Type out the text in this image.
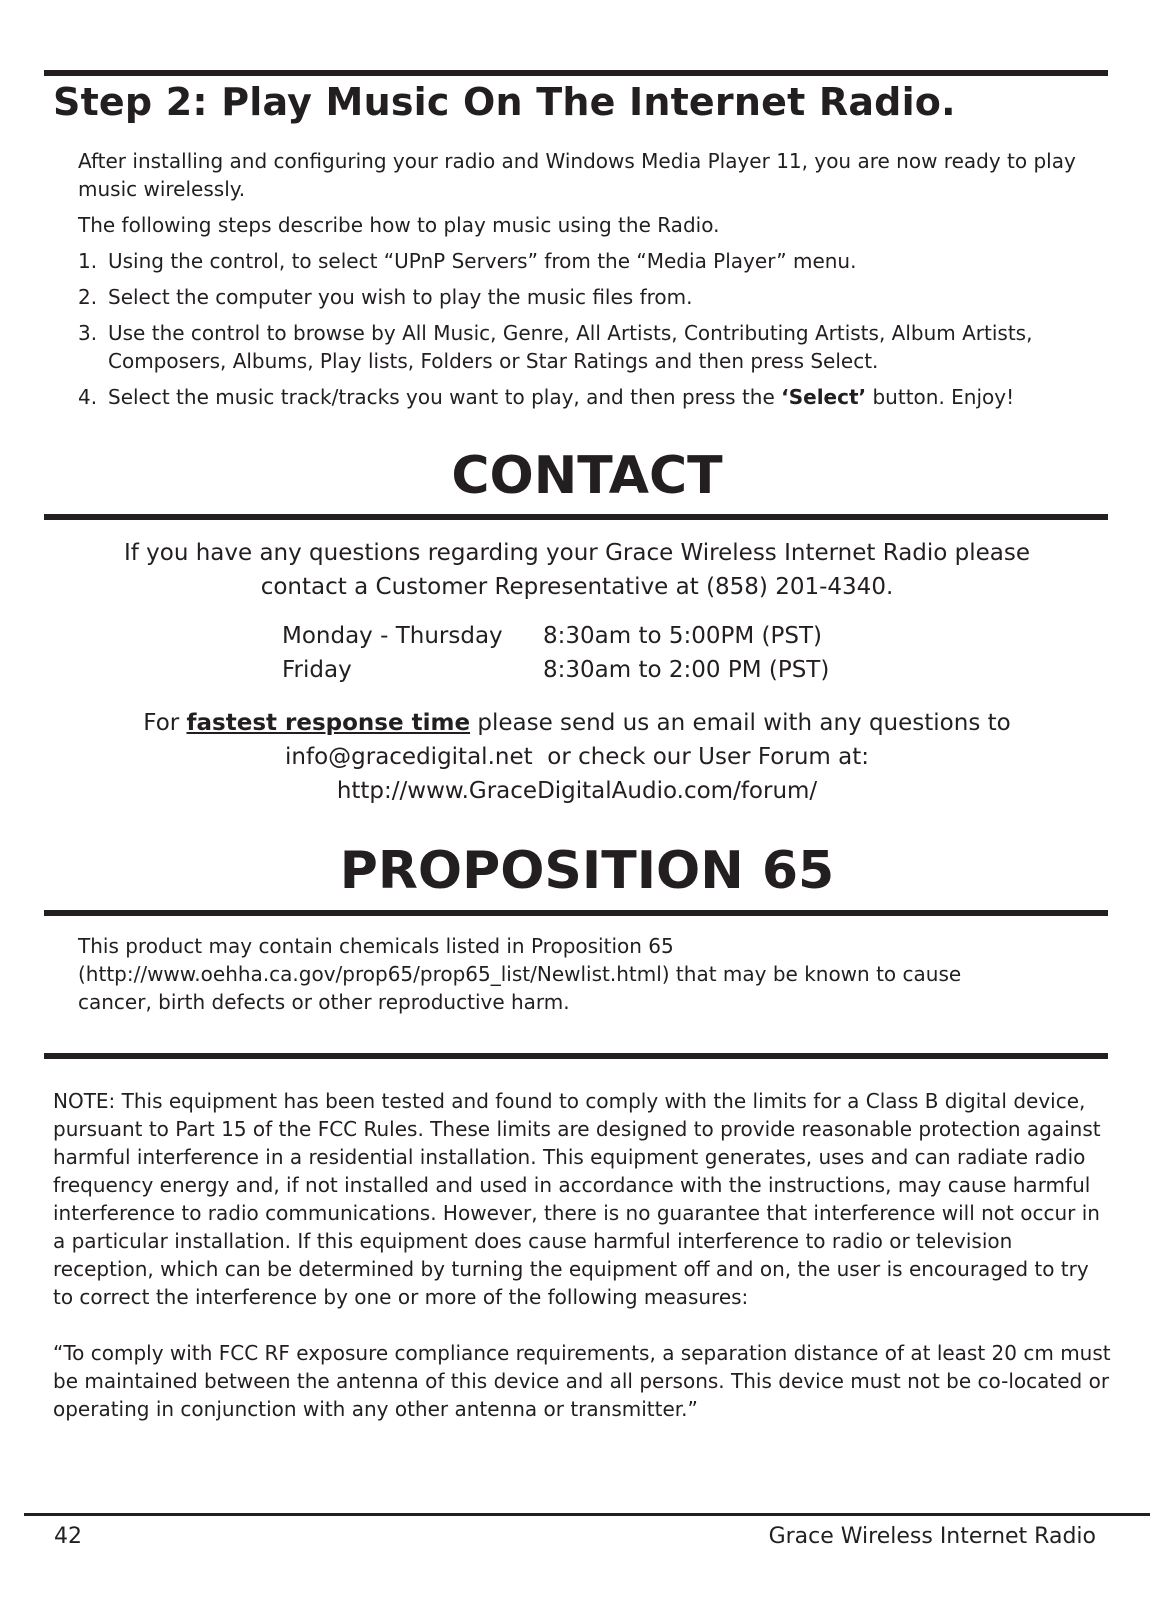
Step 2: Play Music On The Internet Radio.

After installing and configuring your radio and Windows Media Player 11, you are now ready to play music wirelessly.

The following steps describe how to play music using the Radio.

1. Using the control, to select “UPnP Servers” from the “Media Player” menu.
2. Select the computer you wish to play the music files from.
3. Use the control to browse by All Music, Genre, All Artists, Contributing Artists, Album Artists, Composers, Albums, Play lists, Folders or Star Ratings and then press Select.
4. Select the music track/tracks you want to play, and then press the ‘Select’ button. Enjoy!
CONTACT
If you have any questions regarding your Grace Wireless Internet Radio please
contact a Customer Representative at (858) 201-4340.
Monday - Thursday	8:30am to 5:00PM (PST)
Friday	8:30am to 2:00 PM (PST)
For fastest response time please send us an email with any questions to
info@gracedigital.net  or check our User Forum at:
http://www.GraceDigitalAudio.com/forum/
PROPOSITION 65
This product may contain chemicals listed in Proposition 65
(http://www.oehha.ca.gov/prop65/prop65_list/Newlist.html) that may be known to cause
cancer, birth defects or other reproductive harm.

NOTE: This equipment has been tested and found to comply with the limits for a Class B digital device, pursuant to Part 15 of the FCC Rules. These limits are designed to provide reasonable protection against harmful interference in a residential installation. This equipment generates, uses and can radiate radio frequency energy and, if not installed and used in accordance with the instructions, may cause harmful interference to radio communications. However, there is no guarantee that interference will not occur in a particular installation. If this equipment does cause harmful interference to radio or television reception, which can be determined by turning the equipment off and on, the user is encouraged to try to correct the interference by one or more of the following measures:

“To comply with FCC RF exposure compliance requirements, a separation distance of at least 20 cm must be maintained between the antenna of this device and all persons. This device must not be co-located or operating in conjunction with any other antenna or transmitter.”

42	Grace Wireless Internet Radio
